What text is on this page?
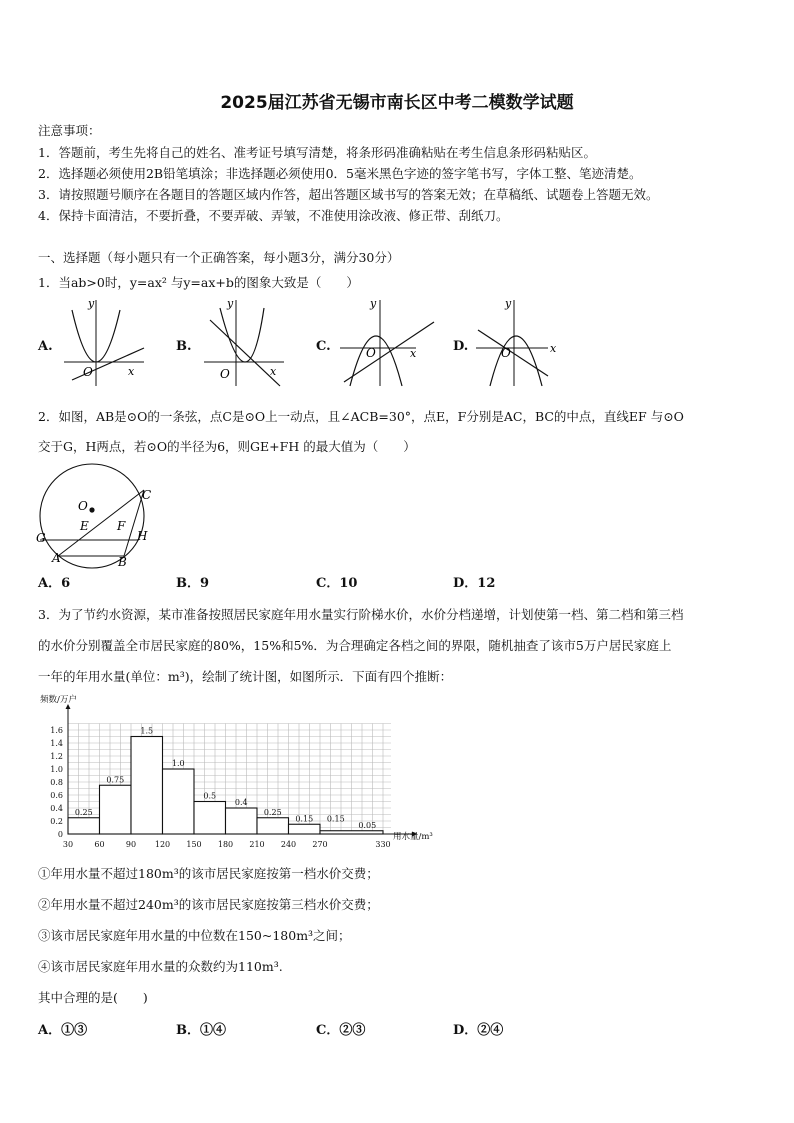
2025届江苏省无锡市南长区中考二模数学试题
注意事项：
1．答题前，考生先将自己的姓名、准考证号填写清楚，将条形码准确粘贴在考生信息条形码粘贴区。
2．选择题必须使用2B铅笔填涂；非选择题必须使用0．5毫米黑色字迹的签字笔书写，字体工整、笔迹清楚。
3．请按照题号顺序在各题目的答题区域内作答，超出答题区域书写的答案无效；在草稿纸、试题卷上答题无效。
4．保持卡面清洁，不要折叠，不要弄破、弄皱，不准使用涂改液、修正带、刮纸刀。
一、选择题（每小题只有一个正确答案，每小题3分，满分30分）
1．当ab>0时，y=ax² 与y=ax+b的图象大致是（　　）
A.	B.	C.	D.
y
x
O
y
x
O
y
x
O
y
x
O
2．如图，AB是⊙O的一条弦，点C是⊙O上一动点，且∠ACB=30°，点E，F分别是AC，BC的中点，直线EF 与⊙O
交于G，H两点，若⊙O的半径为6，则GE+FH 的最大值为（　　）
O
C
E F
G	H
A	B
A．6	B．9	C．10	D．12
3．为了节约水资源，某市准备按照居民家庭年用水量实行阶梯水价，水价分档递增，计划使第一档、第二档和第三档
的水价分别覆盖全市居民家庭的80%，15%和5%．为合理确定各档之间的界限，随机抽查了该市5万户居民家庭上
一年的年用水量(单位：m³)，绘制了统计图，如图所示．下面有四个推断：
0
0.2
0.4
0.6
0.8
1.0
1.2
1.4
1.6
30	60	90 120 150 180 210 240 270	330
0.25
0.75
1.5
1.0
0.5
0.4
0.25
0.15
0.05
0.15
频数/万户
用水量/m³
①年用水量不超过180m³的该市居民家庭按第一档水价交费；
②年用水量不超过240m³的该市居民家庭按第三档水价交费；
③该市居民家庭年用水量的中位数在150~180m³之间；
④该市居民家庭年用水量的众数约为110m³.
其中合理的是(　　)
A．①③	B．①④	C．②③	D．②④
